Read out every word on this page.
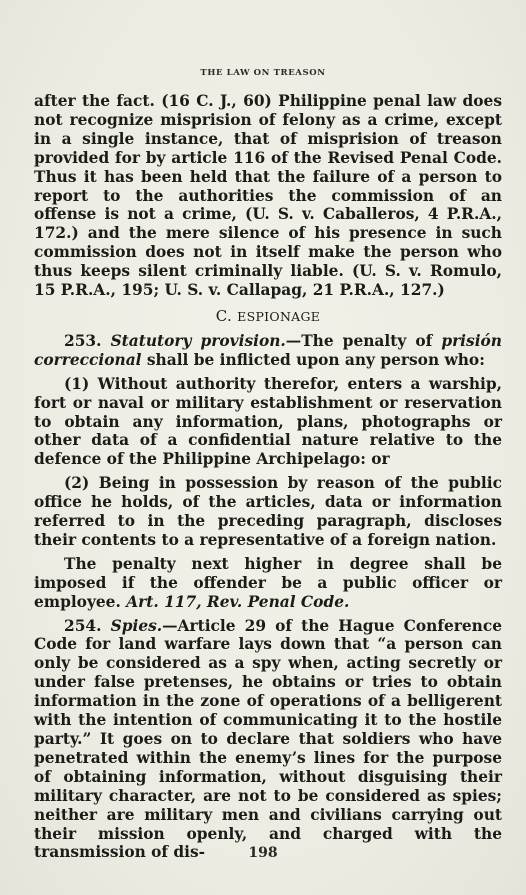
THE LAW ON TREASON

after the fact. (16 C. J., 60) Philippine penal law does not recognize misprision of felony as a crime, except in a single instance, that of misprision of treason provided for by article 116 of the Revised Penal Code. Thus it has been held that the failure of a person to report to the authorities the commission of an offense is not a crime, (U. S. v. Caballeros, 4 P.R.A., 172.) and the mere silence of his presence in such commission does not in itself make the person who thus keeps silent criminally liable. (U. S. v. Romulo, 15 P.R.A., 195; U. S. v. Callapag, 21 P.R.A., 127.)

C. ESPIONAGE

253. Statutory provision.—The penalty of prisión correccional shall be inflicted upon any person who:

(1) Without authority therefor, enters a warship, fort or naval or military establishment or reservation to obtain any information, plans, photographs or other data of a confidential nature relative to the defence of the Philippine Archipelago: or

(2) Being in possession by reason of the public office he holds, of the articles, data or information referred to in the preceding paragraph, discloses their contents to a representative of a foreign nation.

The penalty next higher in degree shall be imposed if the offender be a public officer or employee. Art. 117, Rev. Penal Code.

254. Spies.—Article 29 of the Hague Conference Code for land warfare lays down that “a person can only be considered as a spy when, acting secretly or under false pretenses, he obtains or tries to obtain information in the zone of operations of a belligerent with the intention of communicating it to the hostile party.” It goes on to declare that soldiers who have penetrated within the enemy’s lines for the purpose of obtaining information, without disguising their military character, are not to be considered as spies; neither are military men and civilians carrying out their mission openly, and charged with the transmission of dis-	198
